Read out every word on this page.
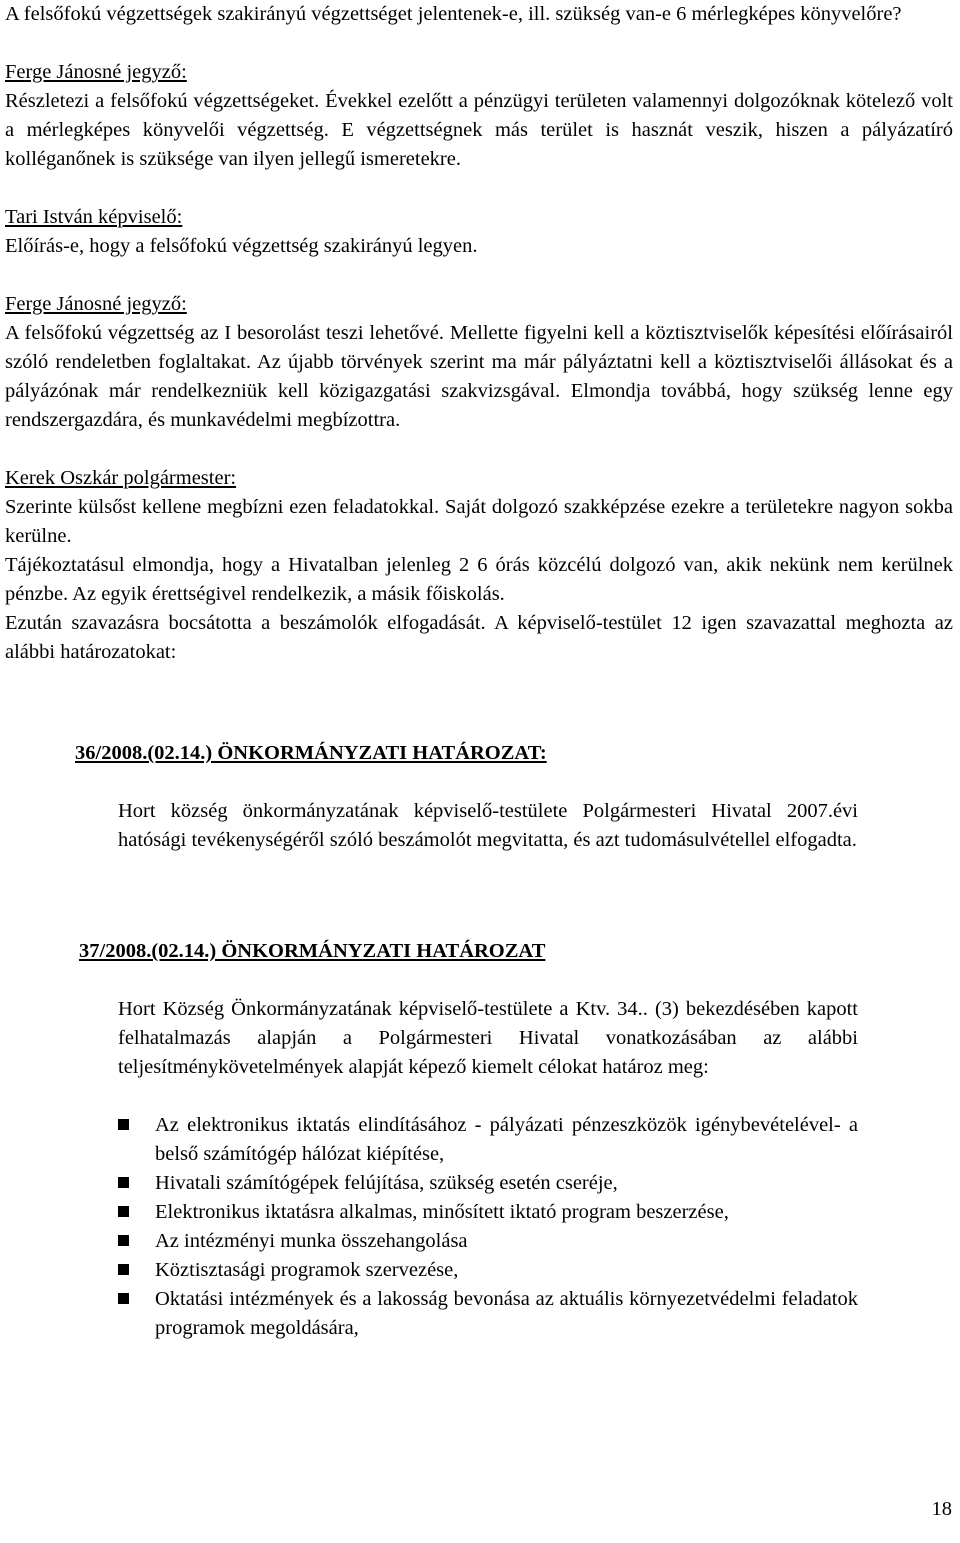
A felsőfokú végzettségek szakirányú végzettséget jelentenek-e, ill. szükség van-e 6 mérlegképes könyvelőre?

Ferge Jánosné jegyző:

Részletezi a felsőfokú végzettségeket. Évekkel ezelőtt a pénzügyi területen valamennyi dolgozóknak kötelező volt a mérlegképes könyvelői végzettség. E végzettségnek más terület is hasznát veszik, hiszen a pályázatíró kolléganőnek is szüksége van ilyen jellegű ismeretekre.

Tari István képviselő:

Előírás-e, hogy a felsőfokú végzettség szakirányú legyen.

Ferge Jánosné jegyző:

A felsőfokú végzettség az I besorolást teszi lehetővé. Mellette figyelni kell a köztisztviselők képesítési előírásairól szóló rendeletben foglaltakat. Az újabb törvények szerint ma már pályáztatni kell a köztisztviselői állásokat és a pályázónak már rendelkezniük kell közigazgatási szakvizsgával. Elmondja továbbá, hogy szükség lenne egy rendszergazdára, és munkavédelmi megbízottra.

Kerek Oszkár polgármester:

Szerinte külsőst kellene megbízni ezen feladatokkal. Saját dolgozó szakképzése ezekre a területekre nagyon sokba kerülne.

Tájékoztatásul elmondja, hogy a Hivatalban jelenleg 2 6 órás közcélú dolgozó van, akik nekünk nem kerülnek pénzbe. Az egyik érettségivel rendelkezik, a másik főiskolás.

Ezután szavazásra bocsátotta a beszámolók elfogadását. A képviselő-testület 12 igen szavazattal meghozta az alábbi határozatokat:

36/2008.(02.14.) ÖNKORMÁNYZATI HATÁROZAT:

Hort község önkormányzatának képviselő-testülete Polgármesteri Hivatal 2007.évi hatósági tevékenységéről szóló beszámolót megvitatta, és azt tudomásulvétellel elfogadta.

37/2008.(02.14.) ÖNKORMÁNYZATI HATÁROZAT

Hort Község Önkormányzatának képviselő-testülete a Ktv. 34.. (3) bekezdésében kapott felhatalmazás alapján a Polgármesteri Hivatal vonatkozásában az alábbi teljesítménykövetelmények alapját képező kiemelt célokat határoz meg:

Az elektronikus iktatás elindításához - pályázati pénzeszközök igénybevételével- a belső számítógép hálózat kiépítése,
Hivatali számítógépek felújítása, szükség esetén cseréje,
Elektronikus iktatásra alkalmas, minősített iktató program beszerzése,
Az intézményi munka összehangolása
Köztisztasági programok szervezése,
Oktatási intézmények és a lakosság bevonása az aktuális környezetvédelmi feladatok programok megoldására,
18
